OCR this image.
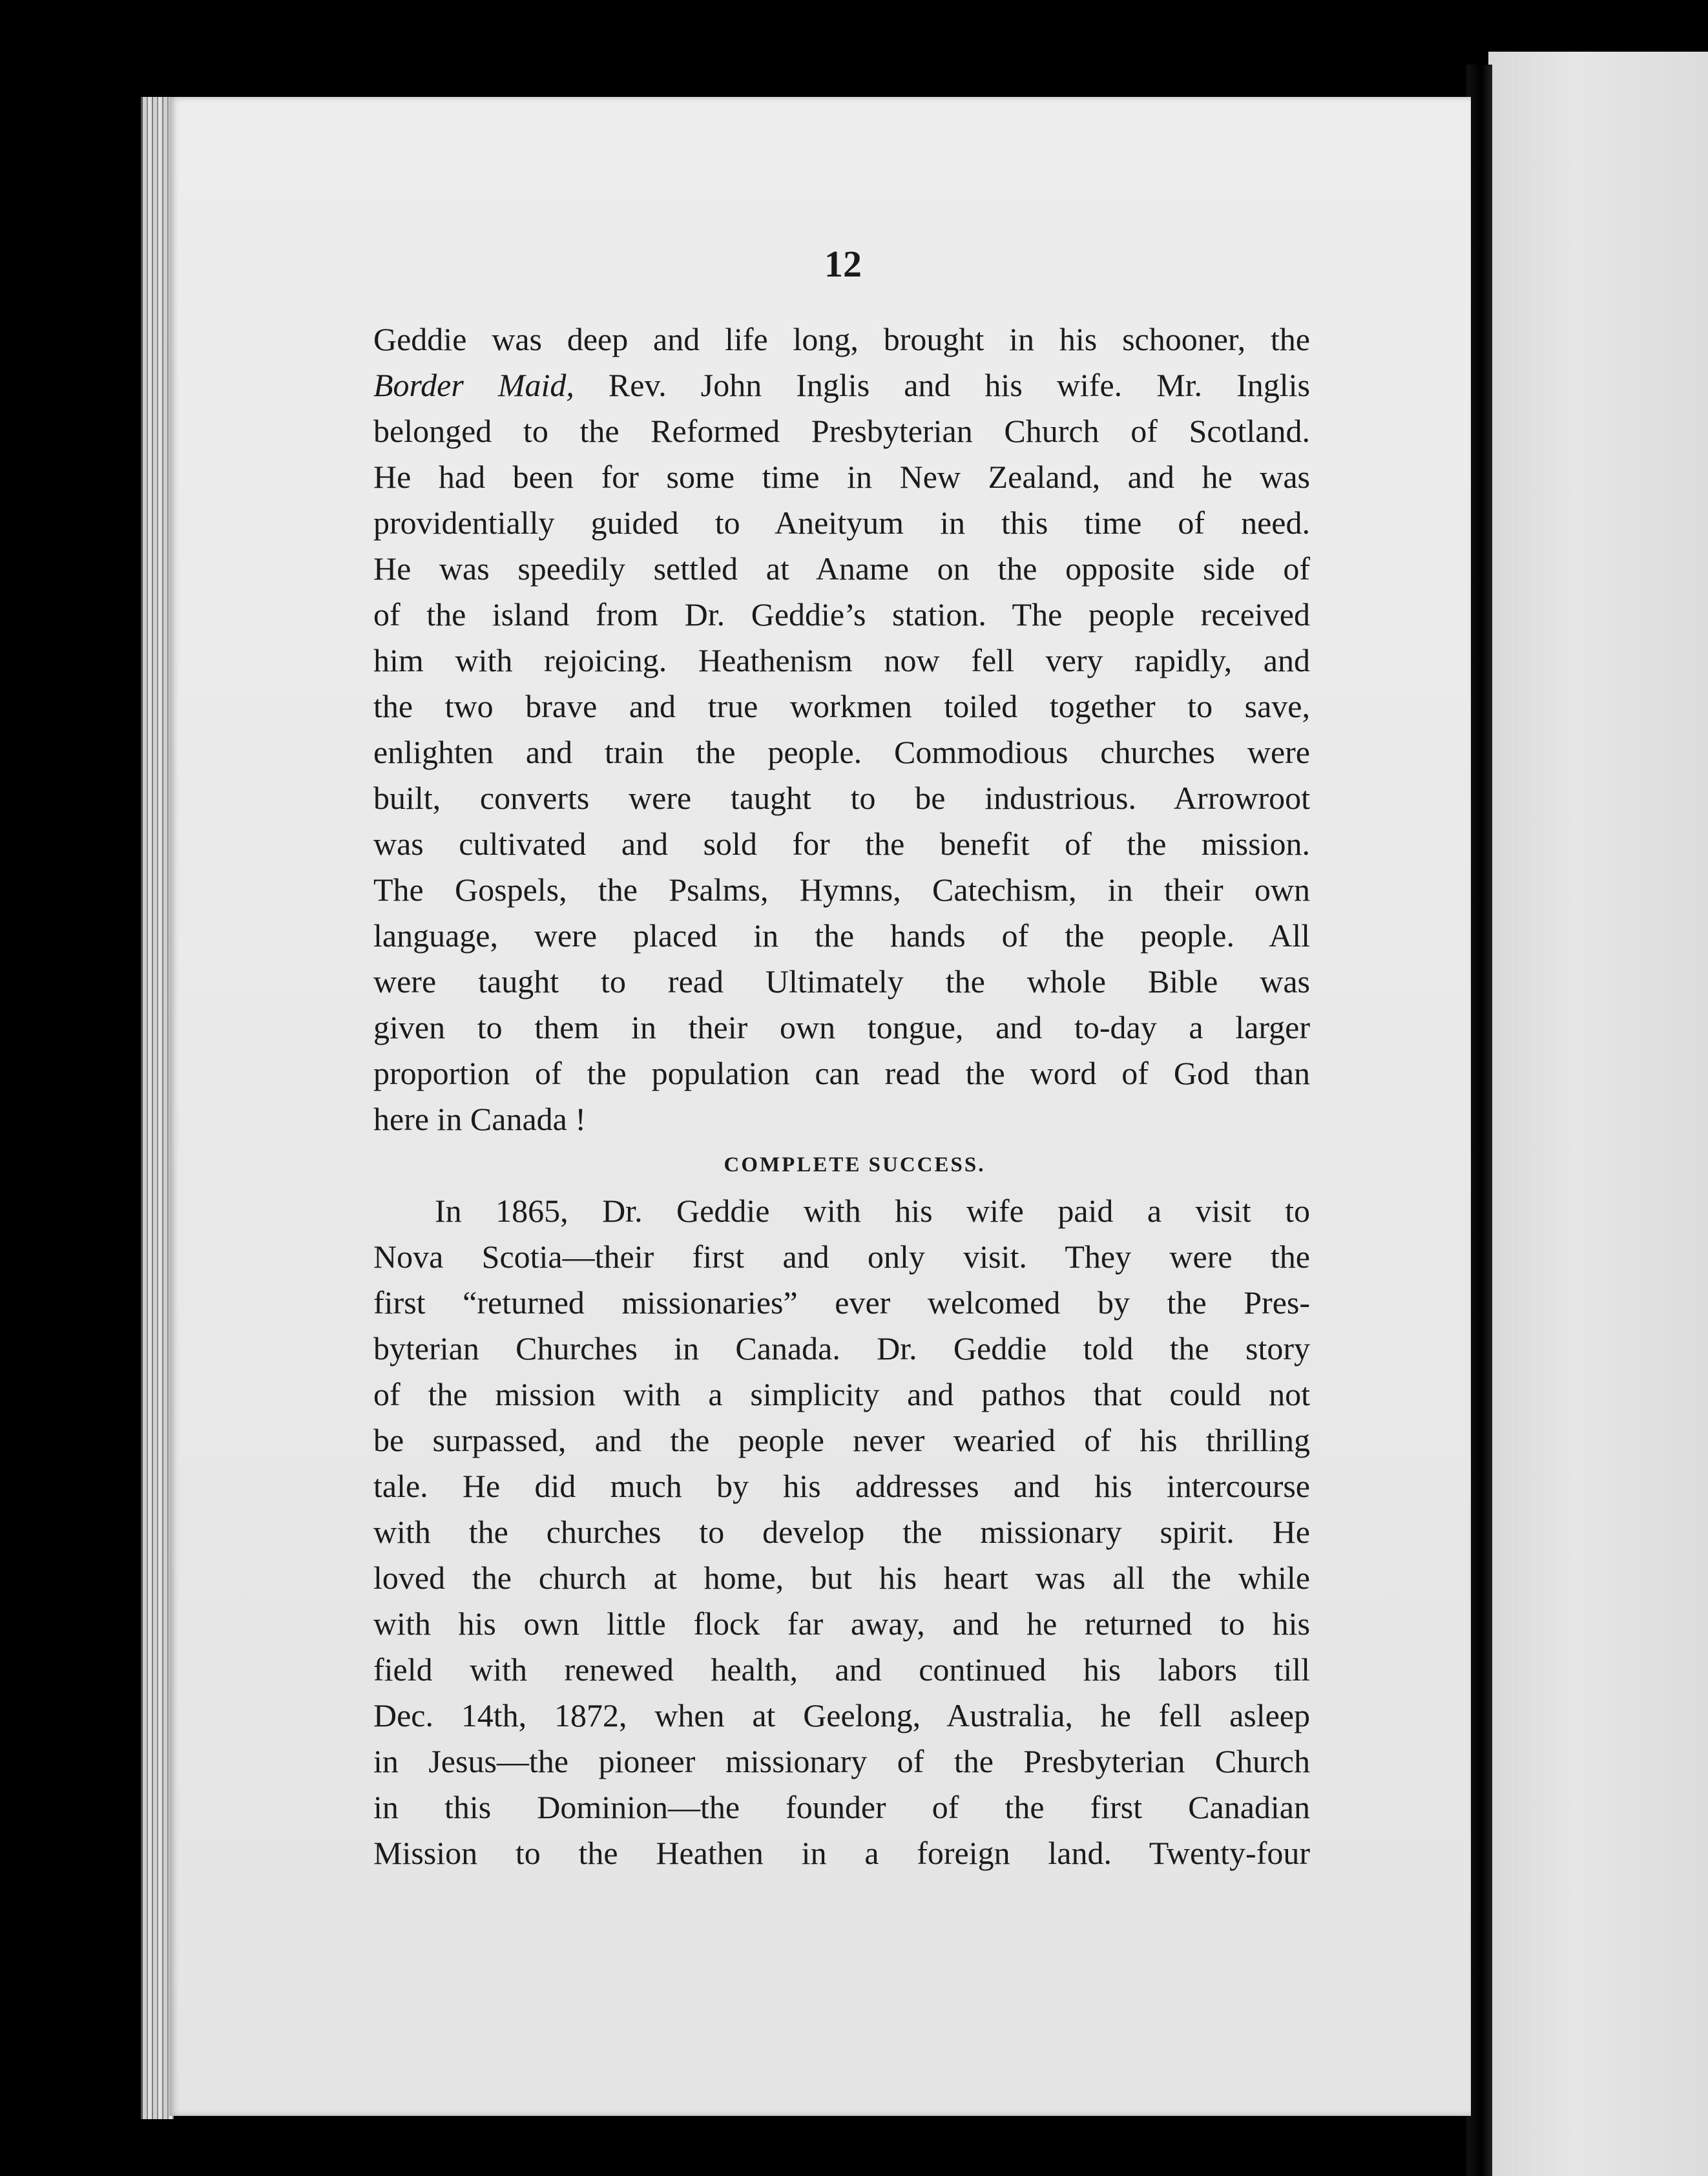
12
Geddie was deep and life long, brought in his schooner, the
Border Maid, Rev. John Inglis and his wife. Mr. Inglis
belonged to the Reformed Presbyterian Church of Scotland.
He had been for some time in New Zealand, and he was
providentially guided to Aneityum in this time of need.
He was speedily settled at Aname on the opposite side of
of the island from Dr. Geddie’s station. The people received
him with rejoicing. Heathenism now fell very rapidly, and
the two brave and true workmen toiled together to save,
enlighten and train the people. Commodious churches were
built, converts were taught to be industrious. Arrowroot
was cultivated and sold for the benefit of the mission.
The Gospels, the Psalms, Hymns, Catechism, in their own
language, were placed in the hands of the people. All
were taught to read Ultimately the whole Bible was
given to them in their own tongue, and to-day a larger
proportion of the population can read the word of God than
here in Canada !
COMPLETE SUCCESS.
In 1865, Dr. Geddie with his wife paid a visit to
Nova Scotia—their first and only visit. They were the
first “returned missionaries” ever welcomed by the Pres-
byterian Churches in Canada. Dr. Geddie told the story
of the mission with a simplicity and pathos that could not
be surpassed, and the people never wearied of his thrilling
tale. He did much by his addresses and his intercourse
with the churches to develop the missionary spirit. He
loved the church at home, but his heart was all the while
with his own little flock far away, and he returned to his
field with renewed health, and continued his labors till
Dec. 14th, 1872, when at Geelong, Australia, he fell asleep
in Jesus—the pioneer missionary of the Presbyterian Church
in this Dominion—the founder of the first Canadian
Mission to the Heathen in a foreign land. Twenty-four
